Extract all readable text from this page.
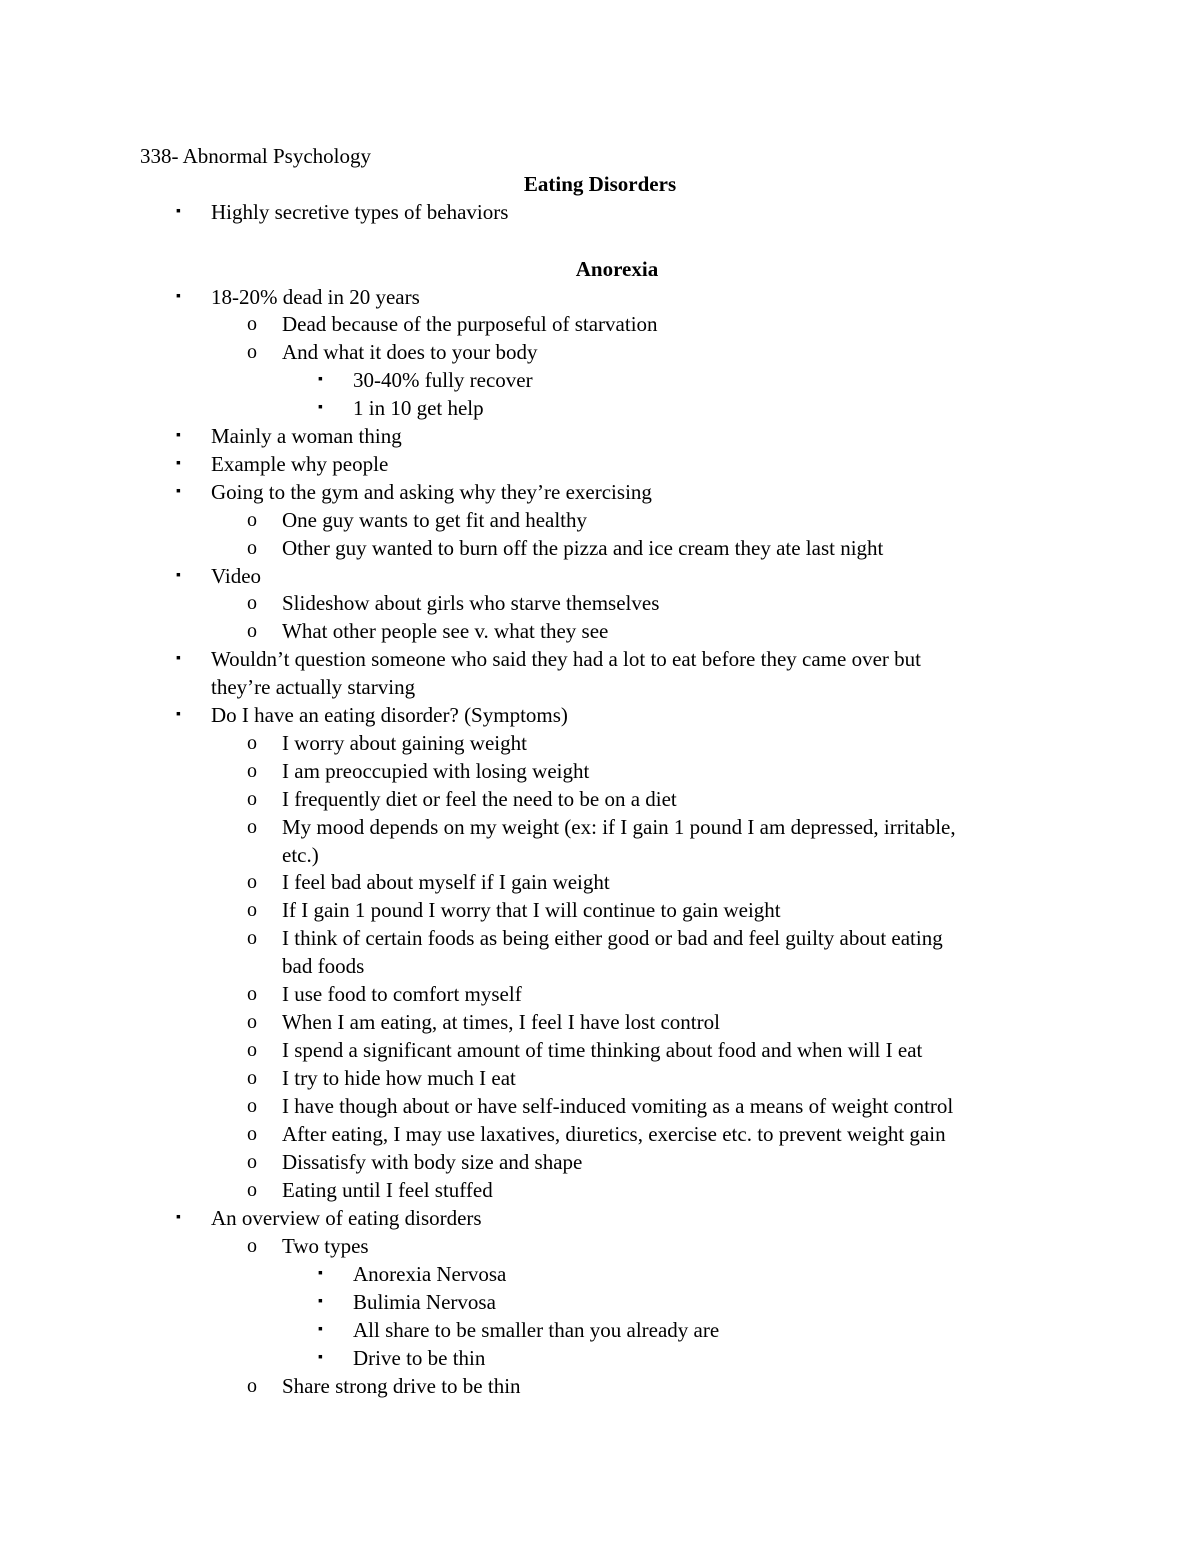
338- Abnormal Psychology
Eating Disorders
▪ Highly secretive types of behaviors
Anorexia
▪ 18-20% dead in 20 years
o Dead because of the purposeful of starvation
o And what it does to your body
▪ 30-40% fully recover
▪ 1 in 10 get help
▪ Mainly a woman thing
▪ Example why people
▪ Going to the gym and asking why they’re exercising
o One guy wants to get fit and healthy
o Other guy wanted to burn off the pizza and ice cream they ate last night
▪ Video
o Slideshow about girls who starve themselves
o What other people see v. what they see
▪ Wouldn’t question someone who said they had a lot to eat before they came over but
they’re actually starving
▪ Do I have an eating disorder? (Symptoms)
o I worry about gaining weight
o I am preoccupied with losing weight
o I frequently diet or feel the need to be on a diet
o My mood depends on my weight (ex: if I gain 1 pound I am depressed, irritable,
etc.)
o I feel bad about myself if I gain weight
o If I gain 1 pound I worry that I will continue to gain weight
o I think of certain foods as being either good or bad and feel guilty about eating
bad foods
o I use food to comfort myself
o When I am eating, at times, I feel I have lost control
o I spend a significant amount of time thinking about food and when will I eat
o I try to hide how much I eat
o I have though about or have self-induced vomiting as a means of weight control
o After eating, I may use laxatives, diuretics, exercise etc. to prevent weight gain
o Dissatisfy with body size and shape
o Eating until I feel stuffed
▪ An overview of eating disorders
o Two types
▪ Anorexia Nervosa
▪ Bulimia Nervosa
▪ All share to be smaller than you already are
▪ Drive to be thin
o Share strong drive to be thin
